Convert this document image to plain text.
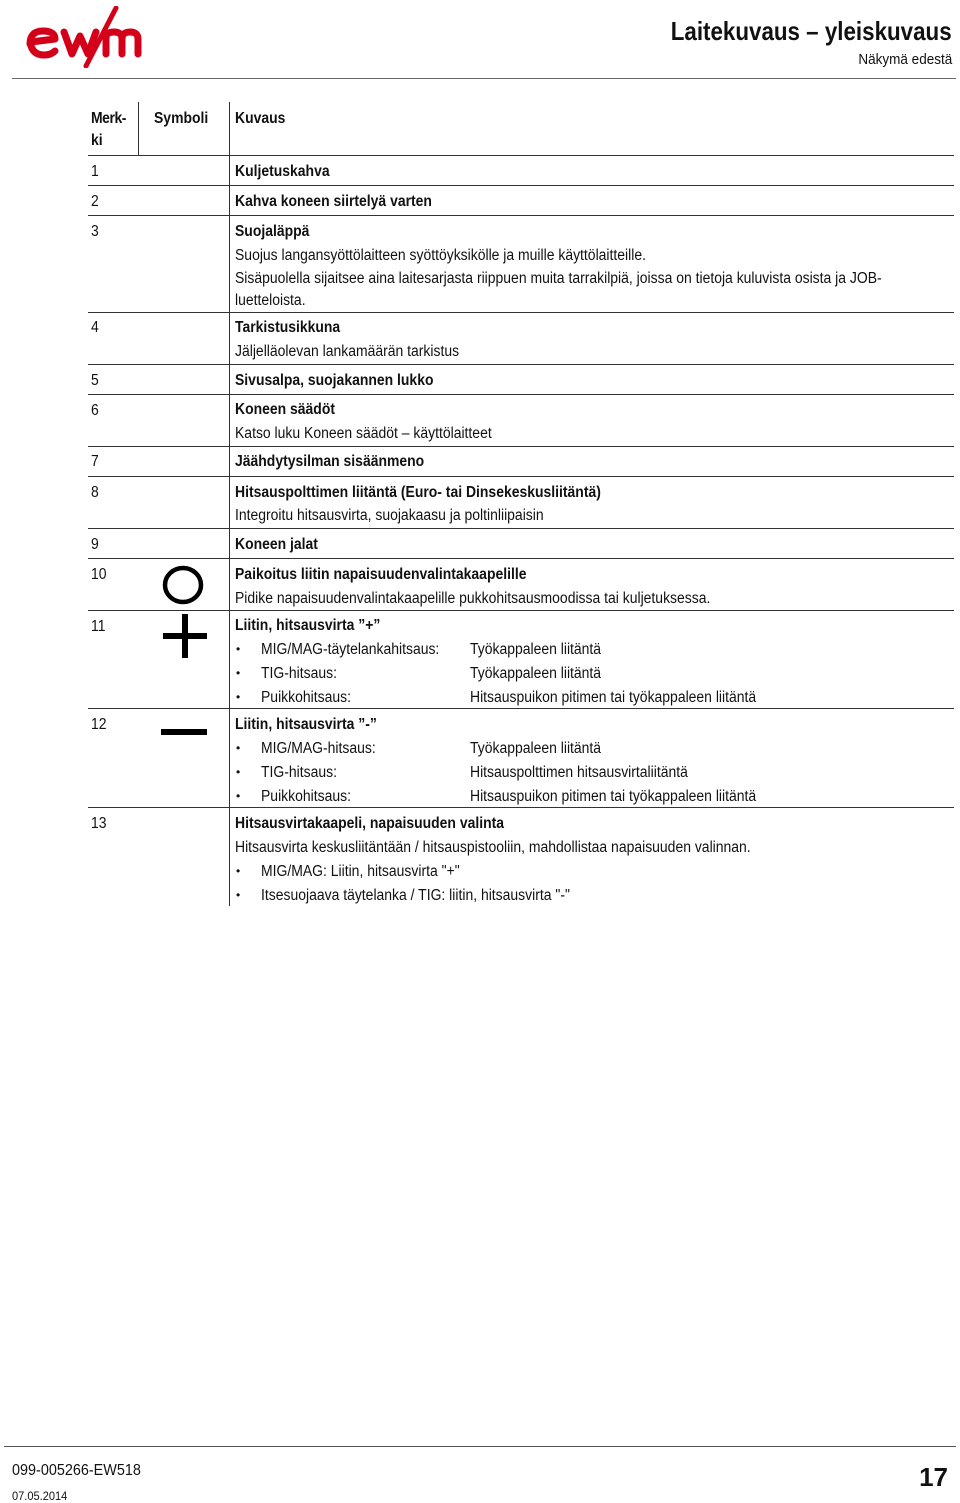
ewm
Laitekuvaus – yleiskuvaus
Näkymä edestä
Merk-
ki
Symboli Kuvaus
1	Kuljetuskahva
2	Kahva koneen siirtelyä varten
3	Suojaläppä
Suojus langansyöttölaitteen syöttöyksikölle ja muille käyttölaitteille.
Sisäpuolella sijaitsee aina laitesarjasta riippuen muita tarrakilpiä, joissa on tietoja kuluvista osista ja JOB-
luetteloista.
4	Tarkistusikkuna
Jäljelläolevan lankamäärän tarkistus
5	Sivusalpa, suojakannen lukko
6	Koneen säädöt
Katso luku Koneen säädöt – käyttölaitteet
7	Jäähdytysilman sisäänmeno
8	Hitsauspolttimen liitäntä (Euro- tai Dinsekeskusliitäntä)
Integroitu hitsausvirta, suojakaasu ja poltinliipaisin
9	Koneen jalat
10	Paikoitus liitin napaisuudenvalintakaapelille
Pidike napaisuudenvalintakaapelille pukkohitsausmoodissa tai kuljetuksessa.
11	Liitin, hitsausvirta ”+”
• MIG/MAG-täytelankahitsaus: Työkappaleen liitäntä
• TIG-hitsaus:	Työkappaleen liitäntä
• Puikkohitsaus:	Hitsauspuikon pitimen tai työkappaleen liitäntä
12	Liitin, hitsausvirta ”-”
• MIG/MAG-hitsaus:	Työkappaleen liitäntä
• TIG-hitsaus:	Hitsauspolttimen hitsausvirtaliitäntä
• Puikkohitsaus:	Hitsauspuikon pitimen tai työkappaleen liitäntä
13	Hitsausvirtakaapeli, napaisuuden valinta
Hitsausvirta keskusliitäntään / hitsauspistooliin, mahdollistaa napaisuuden valinnan.
• MIG/MAG: Liitin, hitsausvirta "+"
• Itsesuojaava täytelanka / TIG: liitin, hitsausvirta "-"
099-005266-EW518
07.05.2014
17
